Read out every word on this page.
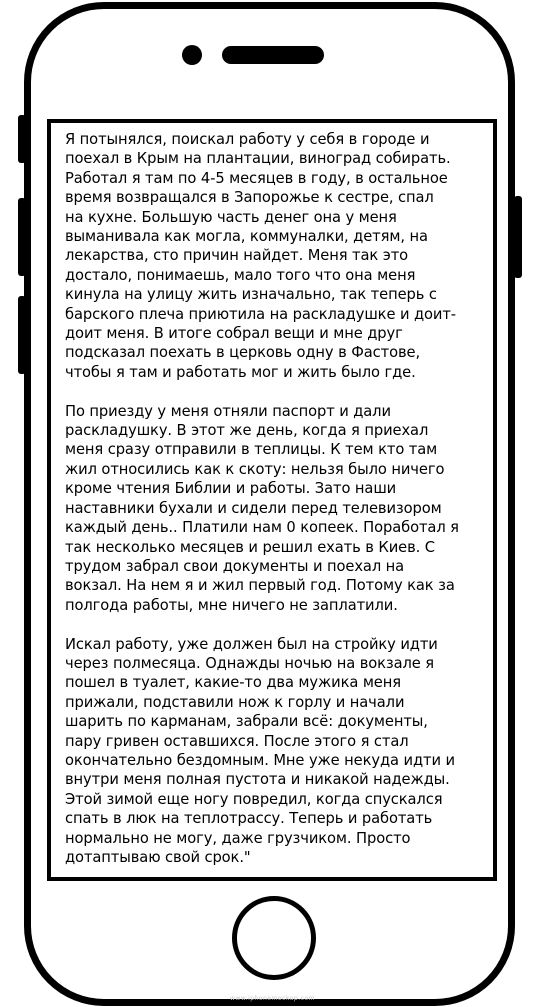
Я потынялся, поискал работу у себя в городе и
поехал в Крым на плантации, виноград собирать.
Работал я там по 4-5 месяцев в году, в остальное
время возвращался в Запорожье к сестре, спал
на кухне. Большую часть денег она у меня
выманивала как могла, коммуналки, детям, на
лекарства, сто причин найдет. Меня так это
достало, понимаешь, мало того что она меня
кинула на улицу жить изначально, так теперь с
барского плеча приютила на раскладушке и доит-
доит меня. В итоге собрал вещи и мне друг
подсказал поехать в церковь одну в Фастове,
чтобы я там и работать мог и жить было где.

По приезду у меня отняли паспорт и дали
раскладушку. В этот же день, когда я приехал
меня сразу отправили в теплицы. К тем кто там
жил относились как к скоту: нельзя было ничего
кроме чтения Библии и работы. Зато наши
наставники бухали и сидели перед телевизором
каждый день.. Платили нам 0 копеек. Поработал я
так несколько месяцев и решил ехать в Киев. С
трудом забрал свои документы и поехал на
вокзал. На нем я и жил первый год. Потому как за
полгода работы, мне ничего не заплатили.

Искал работу, уже должен был на стройку идти
через полмесяца. Однажды ночью на вокзале я
пошел в туалет, какие-то два мужика меня
прижали, подставили нож к горлу и начали
шарить по карманам, забрали всё: документы,
пару гривен оставшихся. После этого я стал
окончательно бездомным. Мне уже некуда идти и
внутри меня полная пустота и никакой надежды.
Этой зимой еще ногу повредил, когда спускался
спать в люк на теплотрассу. Теперь и работать
нормально не могу, даже грузчиком. Просто
дотаптываю свой срок."

www.iphonemockup.com
